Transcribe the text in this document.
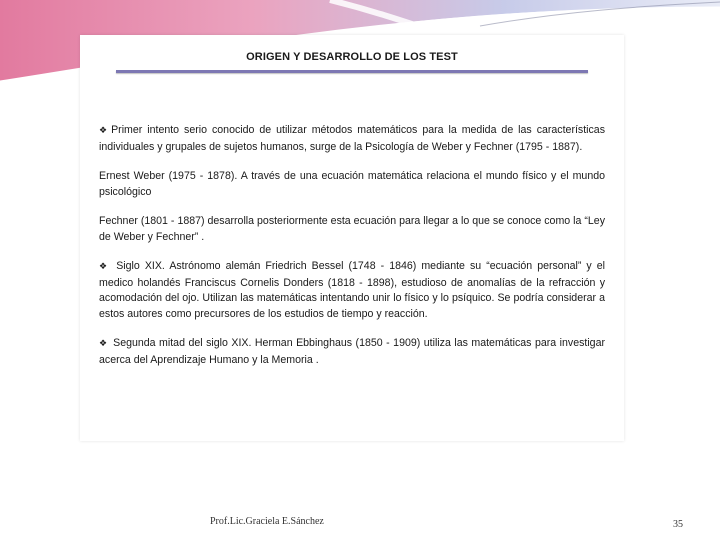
ORIGEN Y DESARROLLO DE LOS TEST

❖ Primer intento serio conocido de utilizar métodos matemáticos para la medida de las características individuales y grupales de sujetos humanos, surge de la Psicología de Weber y Fechner (1795 - 1887).

Ernest Weber (1975 - 1878). A través de una ecuación matemática relaciona el mundo físico y el mundo psicológico

Fechner (1801 - 1887) desarrolla posteriormente esta ecuación para llegar a lo que se conoce como la “Ley de Weber y Fechner” .

❖ Siglo XIX. Astrónomo alemán Friedrich Bessel (1748 - 1846) mediante su “ecuación personal” y el medico holandés Franciscus Cornelis Donders (1818 - 1898), estudioso de anomalías de la refracción y acomodación del ojo. Utilizan las matemáticas intentando unir lo físico y lo psíquico. Se podría considerar a estos autores como precursores de los estudios de tiempo y reacción.

❖ Segunda mitad del siglo XIX. Herman Ebbinghaus (1850 - 1909) utiliza las matemáticas para investigar acerca del Aprendizaje Humano y la Memoria .

Prof.Lic.Graciela E.Sánchez	35
